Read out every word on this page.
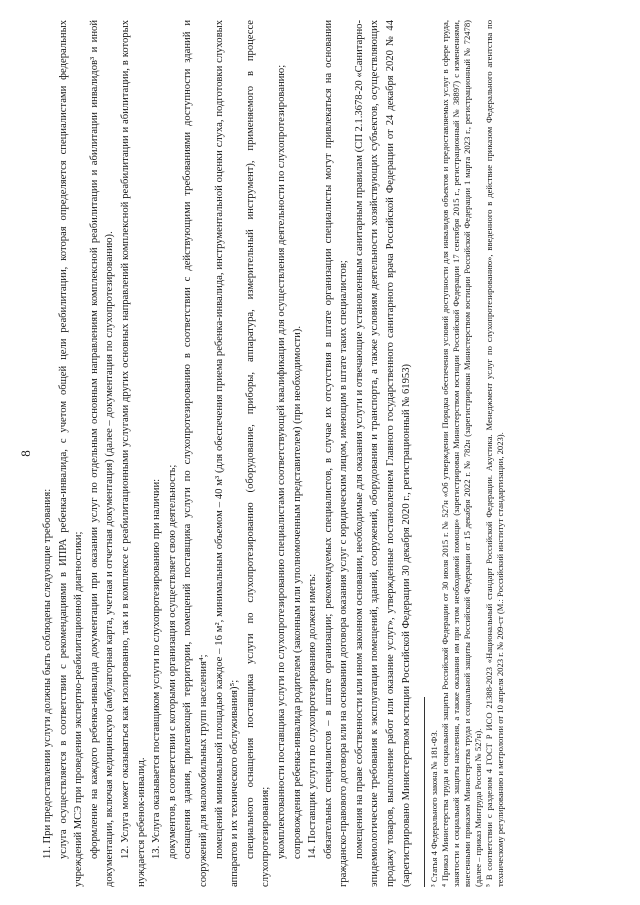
8

11. При предоставлении услуги должны быть соблюдены следующие требования: услуга осуществляется в соответствии с рекомендациями в ИПРА ребенка-инвалида, с учетом общей цели реабилитации, которая определяется специалистами федеральных учреждений МСЭ при проведении экспертно-реабилитационной диагностики; оформление на каждого ребенка-инвалида документации при оказании услуг по отдельным основным направлениям комплексной реабилитации и абилитации инвалидов³ и иной документации, включая медицинскую (амбулаторная карта, учетная и отчетная документация) (далее – документация по слухопротезированию). 12. Услуга может оказываться как изолированно, так и в комплексе с реабилитационными услугами других основных направлений комплексной реабилитации и абилитации, в которых нуждается ребенок-инвалид. 13. Услуга оказывается поставщиком услуги по слухопротезированию при наличии: документов, в соответствии с которыми организация осуществляет свою деятельность; оснащения здания, прилегающей территории, помещений поставщика услуги по слухопротезированию в соответствии с действующими требованиями доступности зданий и сооружений для маломобильных групп населения⁴; помещений минимальной площадью каждое – 16 м², минимальным объемом – 40 м³ (для обеспечения приема ребенка-инвалида, инструментальной оценки слуха, подготовки слуховых аппаратов и их технического обслуживания)⁵; специального оснащения поставщика услуги по слухопротезированию (оборудование, приборы, аппаратура, измерительный инструмент), применяемого в процессе слухопротезирования; укомплектованности поставщика услуги по слухопротезированию специалистами соответствующей квалификации для осуществления деятельности по слухопротезированию; сопровождения ребенка-инвалида родителем (законным или уполномоченным представителем) (при необходимости). 14. Поставщик услуги по слухопротезированию должен иметь: обязательных специалистов – в штате организации; рекомендуемых специалистов, в случае их отсутствия в штате организации специалисты могут привлекаться на основании гражданско-правового договора или на основании договора оказания услуг с юридическим лицом, имеющим в штате таких специалистов; помещения на праве собственности или ином законном основании, необходимые для оказания услуги и отвечающие установленным санитарным правилам (СП 2.1.3678-20 «Санитарно-эпидемиологические требования к эксплуатации помещений, зданий, сооружений, оборудования и транспорта, а также условиям деятельности хозяйствующих субъектов, осуществляющих продажу товаров, выполнение работ или оказание услуг», утвержденные постановлением Главного государственного санитарного врача Российской Федерации от 24 декабря 2020 № 44 (зарегистрировано Министерством юстиции Российской Федерации 30 декабря 2020 г., регистрационный № 61953)	³ Статья 4 Федерального закона № 181-ФЗ. ⁴ Приказ Министерства труда и социальной защиты Российской Федерации от 30 июля 2015 г. № 527н «Об утверждении Порядка обеспечения условий доступности для инвалидов объектов и предоставляемых услуг в сфере труда, занятости и социальной защиты населения, а также оказания им при этом необходимой помощи» (зарегистрирован Министерством юстиции Российской Федерации 17 сентября 2015 г., регистрационный № 38897) с изменениями, внесенными приказом Министерства труда и социальной защиты Российской Федерации от 15 декабря 2022 г. № 782н (зарегистрирован Министерством юстиции Российской Федерации 1 марта 2023 г., регистрационный № 72478) (далее – приказ Минтруда России № 527н). ⁵ В соответствии с разделом 4 ГОСТ Р ИСО 21388-2023 «Национальный стандарт Российской Федерации. Акустика. Менеджмент услуг по слухопротезированию», введенного в действие приказом Федерального агентства по техническому регулированию и метрологии от 10 апреля 2023 г. № 209-ст (М.: Российский институт стандартизации, 2023).
